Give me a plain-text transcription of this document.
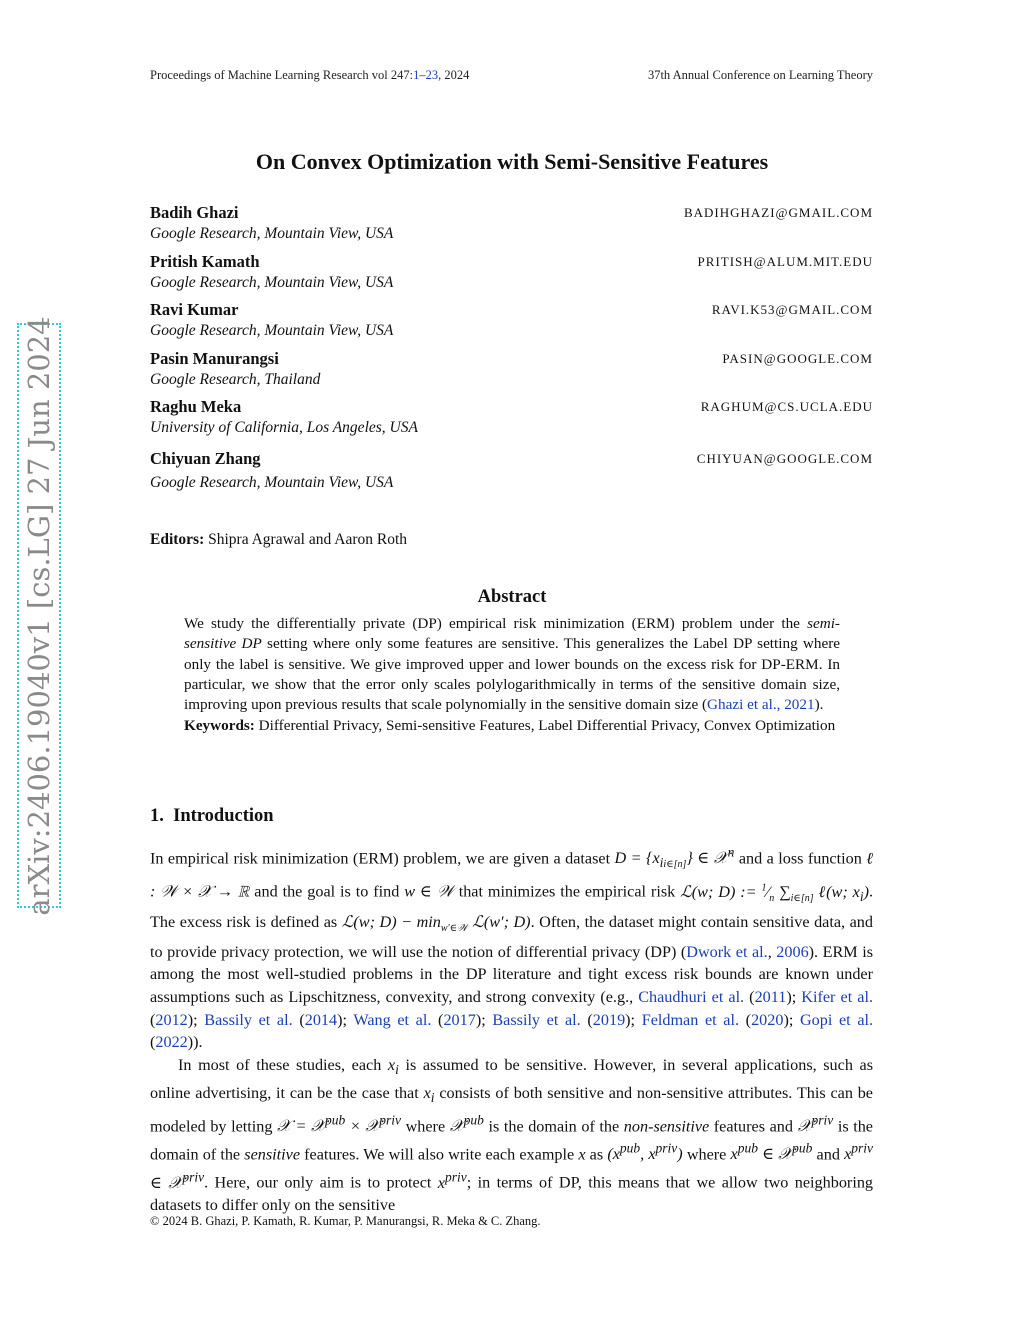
Proceedings of Machine Learning Research vol 247:1–23, 2024	37th Annual Conference on Learning Theory
On Convex Optimization with Semi-Sensitive Features
Badih Ghazi
Google Research, Mountain View, USA
BADIHGHAZI@GMAIL.COM
Pritish Kamath
Google Research, Mountain View, USA
PRITISH@ALUM.MIT.EDU
Ravi Kumar
Google Research, Mountain View, USA
RAVI.K53@GMAIL.COM
Pasin Manurangsi
Google Research, Thailand
PASIN@GOOGLE.COM
Raghu Meka
University of California, Los Angeles, USA
RAGHUM@CS.UCLA.EDU
Chiyuan Zhang
Google Research, Mountain View, USA
CHIYUAN@GOOGLE.COM
Editors: Shipra Agrawal and Aaron Roth
Abstract
We study the differentially private (DP) empirical risk minimization (ERM) problem under the semi-sensitive DP setting where only some features are sensitive. This generalizes the Label DP setting where only the label is sensitive. We give improved upper and lower bounds on the excess risk for DP-ERM. In particular, we show that the error only scales polylogarithmically in terms of the sensitive domain size, improving upon previous results that scale polynomially in the sensitive domain size (Ghazi et al., 2021).
Keywords: Differential Privacy, Semi-sensitive Features, Label Differential Privacy, Convex Optimization
1. Introduction

In empirical risk minimization (ERM) problem, we are given a dataset $D = \{x_{ii\in[n]}\}$ ∈ 𝒳$^n$ and a loss function ℓ : 𝒲 × 𝒳 → ℝ and the goal is to find w ∈ 𝒲 that minimizes the empirical risk ℒ(w; D) := $^1⁄_n$ $\sum_{i\in[n]}$ ℓ(w; $x_i$). The excess risk is defined as ℒ(w; $D) - \min_{w'\in 𝒲}$ ℒ(w′; D). Often, the dataset might contain sensitive data, and to provide privacy protection, we will use the notion of differential privacy (DP) (Dwork et al., 2006). ERM is among the most well-studied problems in the DP literature and tight excess risk bounds are known under assumptions such as Lipschitzness, convexity, and strong convexity (e.g., Chaudhuri et al. (2011); Kifer et al. (2012); Bassily et al. (2014); Wang et al. (2017); Bassily et al. (2019); Feldman et al. (2020); Gopi et al. (2022)).

In most of these studies, each $x_i$ is assumed to be sensitive. However, in several applications, such as online advertising, it can be the case that $x_i$ consists of both sensitive and non-sensitive attributes. This can be modeled by letting 𝒳 = 𝒳$^{pub}$ × 𝒳$^{priv}$ where 𝒳$^{pub}$ is the domain of the non-sensitive features and 𝒳$^{priv}$ is the domain of the sensitive features. We will also write each example x as ($x^{pub}$, $x^{priv}$) where $x^{pub}$ ∈ 𝒳$^{pub}$ and $x^{priv}$ ∈ 𝒳$^{priv}$. Here, our only aim is to protect $x^{priv}$; in terms of DP, this means that we allow two neighboring datasets to differ only on the sensitive

© 2024 B. Ghazi, P. Kamath, R. Kumar, P. Manurangsi, R. Meka & C. Zhang.
arXiv:2406.19040v1 [cs.LG] 27 Jun 2024
